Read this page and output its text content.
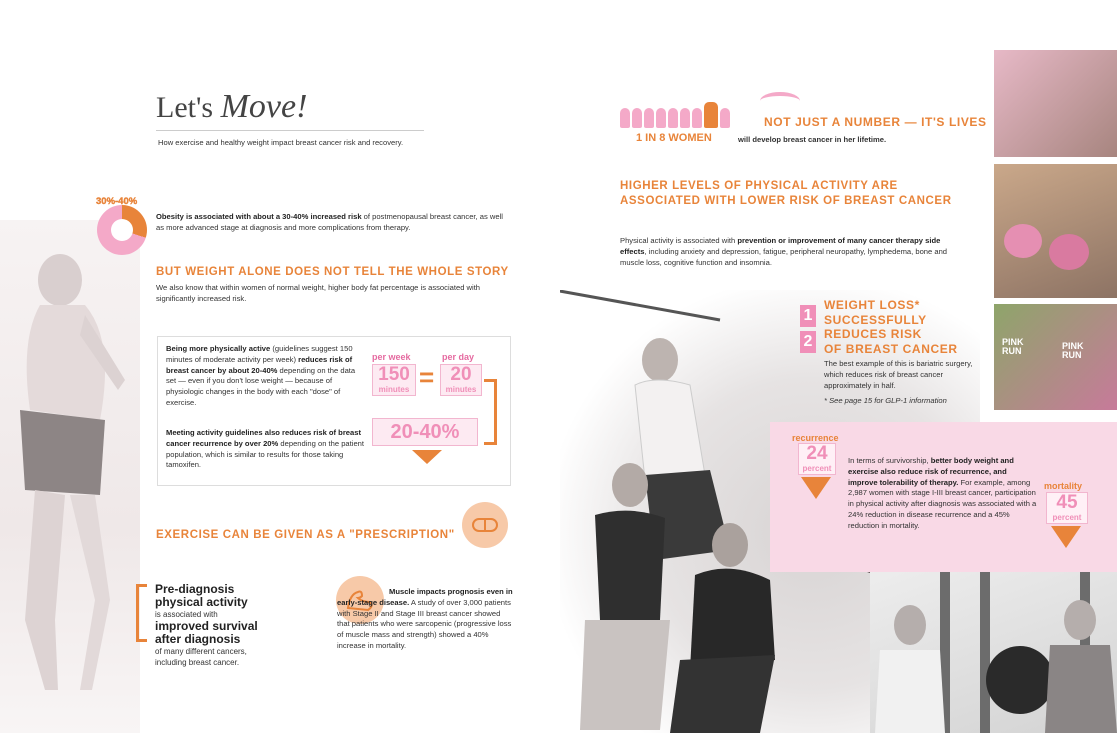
Let's Move!
How exercise and healthy weight impact breast cancer risk and recovery.
30%-40%
Obesity is associated with about a 30-40% increased risk of postmenopausal breast cancer, as well as more advanced stage at diagnosis and more complications from therapy.
BUT WEIGHT ALONE DOES NOT TELL THE WHOLE STORY
We also know that within women of normal weight, higher body fat percentage is associated with significantly increased risk.
Being more physically active (guidelines suggest 150 minutes of moderate activity per week) reduces risk of breast cancer by about 20-40% depending on the data set — even if you don't lose weight — because of physiologic changes in the body with each "dose" of exercise.
Meeting activity guidelines also reduces risk of breast cancer recurrence by over 20% depending on the patient population, which is similar to results for those taking tamoxifen.
per week
150
minutes =
per day
20
minutes
20-40%
EXERCISE CAN BE GIVEN AS A "PRESCRIPTION"
Pre-diagnosis physical activity
is associated with
improved survival after diagnosis
of many different cancers, including breast cancer.
Muscle impacts prognosis even in early-stage disease. A study of over 3,000 patients with Stage II and Stage III breast cancer showed that patients who were sarcopenic (progressive loss of muscle mass and strength) showed a 40% increase in mortality.
NOT JUST A NUMBER — IT'S LIVES
1 IN 8 WOMEN	will develop breast cancer in her lifetime.
HIGHER LEVELS OF PHYSICAL ACTIVITY ARE
ASSOCIATED WITH LOWER RISK OF BREAST CANCER
Physical activity is associated with prevention or improvement of many cancer therapy side effects, including anxiety and depression, fatigue, peripheral neuropathy, lymphedema, bone and muscle loss, cognitive function and insomnia.
1
2
WEIGHT LOSS*
SUCCESSFULLY
REDUCES RISK
OF BREAST CANCER
The best example of this is bariatric surgery, which reduces risk of breast cancer approximately in half.
* See page 15 for GLP-1 information
PINK RUN	PINK RUN
recurrence
24
percent
In terms of survivorship, better body weight and exercise also reduce risk of recurrence, and improve tolerability of therapy. For example, among 2,987 women with stage I-III breast cancer, participation in physical activity after diagnosis was associated with a 24% reduction in disease recurrence and a 45% reduction in mortality.
mortality
45
percent
